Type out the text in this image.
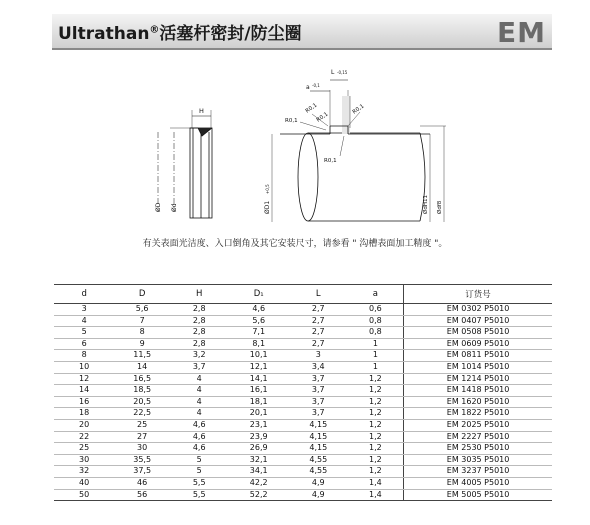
Ultrathan®活塞杆密封/防尘圈	EM
H
ØD Ød
L -0,15
a -0,1
R0,1
R0,1
R0,1
R0,1
R0,1
ØD1
+0,5
ØdH11 Ødf8
有关表面光洁度、入口倒角及其它安装尺寸，请参看 " 沟槽表面加工精度 "。
d	D	H	D₁	L	a	订货号
3	5,6	2,8	4,6	2,7	0,6	EM 0302 P5010
4	7	2,8	5,6	2,7	0,8	EM 0407 P5010
5	8	2,8	7,1	2,7	0,8	EM 0508 P5010
6	9	2,8	8,1	2,7	1	EM 0609 P5010
8	11,5	3,2	10,1	3	1	EM 0811 P5010
10	14	3,7	12,1	3,4	1	EM 1014 P5010
12	16,5	4	14,1	3,7	1,2	EM 1214 P5010
14	18,5	4	16,1	3,7	1,2	EM 1418 P5010
16	20,5	4	18,1	3,7	1,2	EM 1620 P5010
18	22,5	4	20,1	3,7	1,2	EM 1822 P5010
20	25	4,6	23,1	4,15	1,2	EM 2025 P5010
22	27	4,6	23,9	4,15	1,2	EM 2227 P5010
25	30	4,6	26,9	4,15	1,2	EM 2530 P5010
30	35,5	5	32,1	4,55	1,2	EM 3035 P5010
32	37,5	5	34,1	4,55	1,2	EM 3237 P5010
40	46	5,5	42,2	4,9	1,4	EM 4005 P5010
50	56	5,5	52,2	4,9	1,4	EM 5005 P5010
